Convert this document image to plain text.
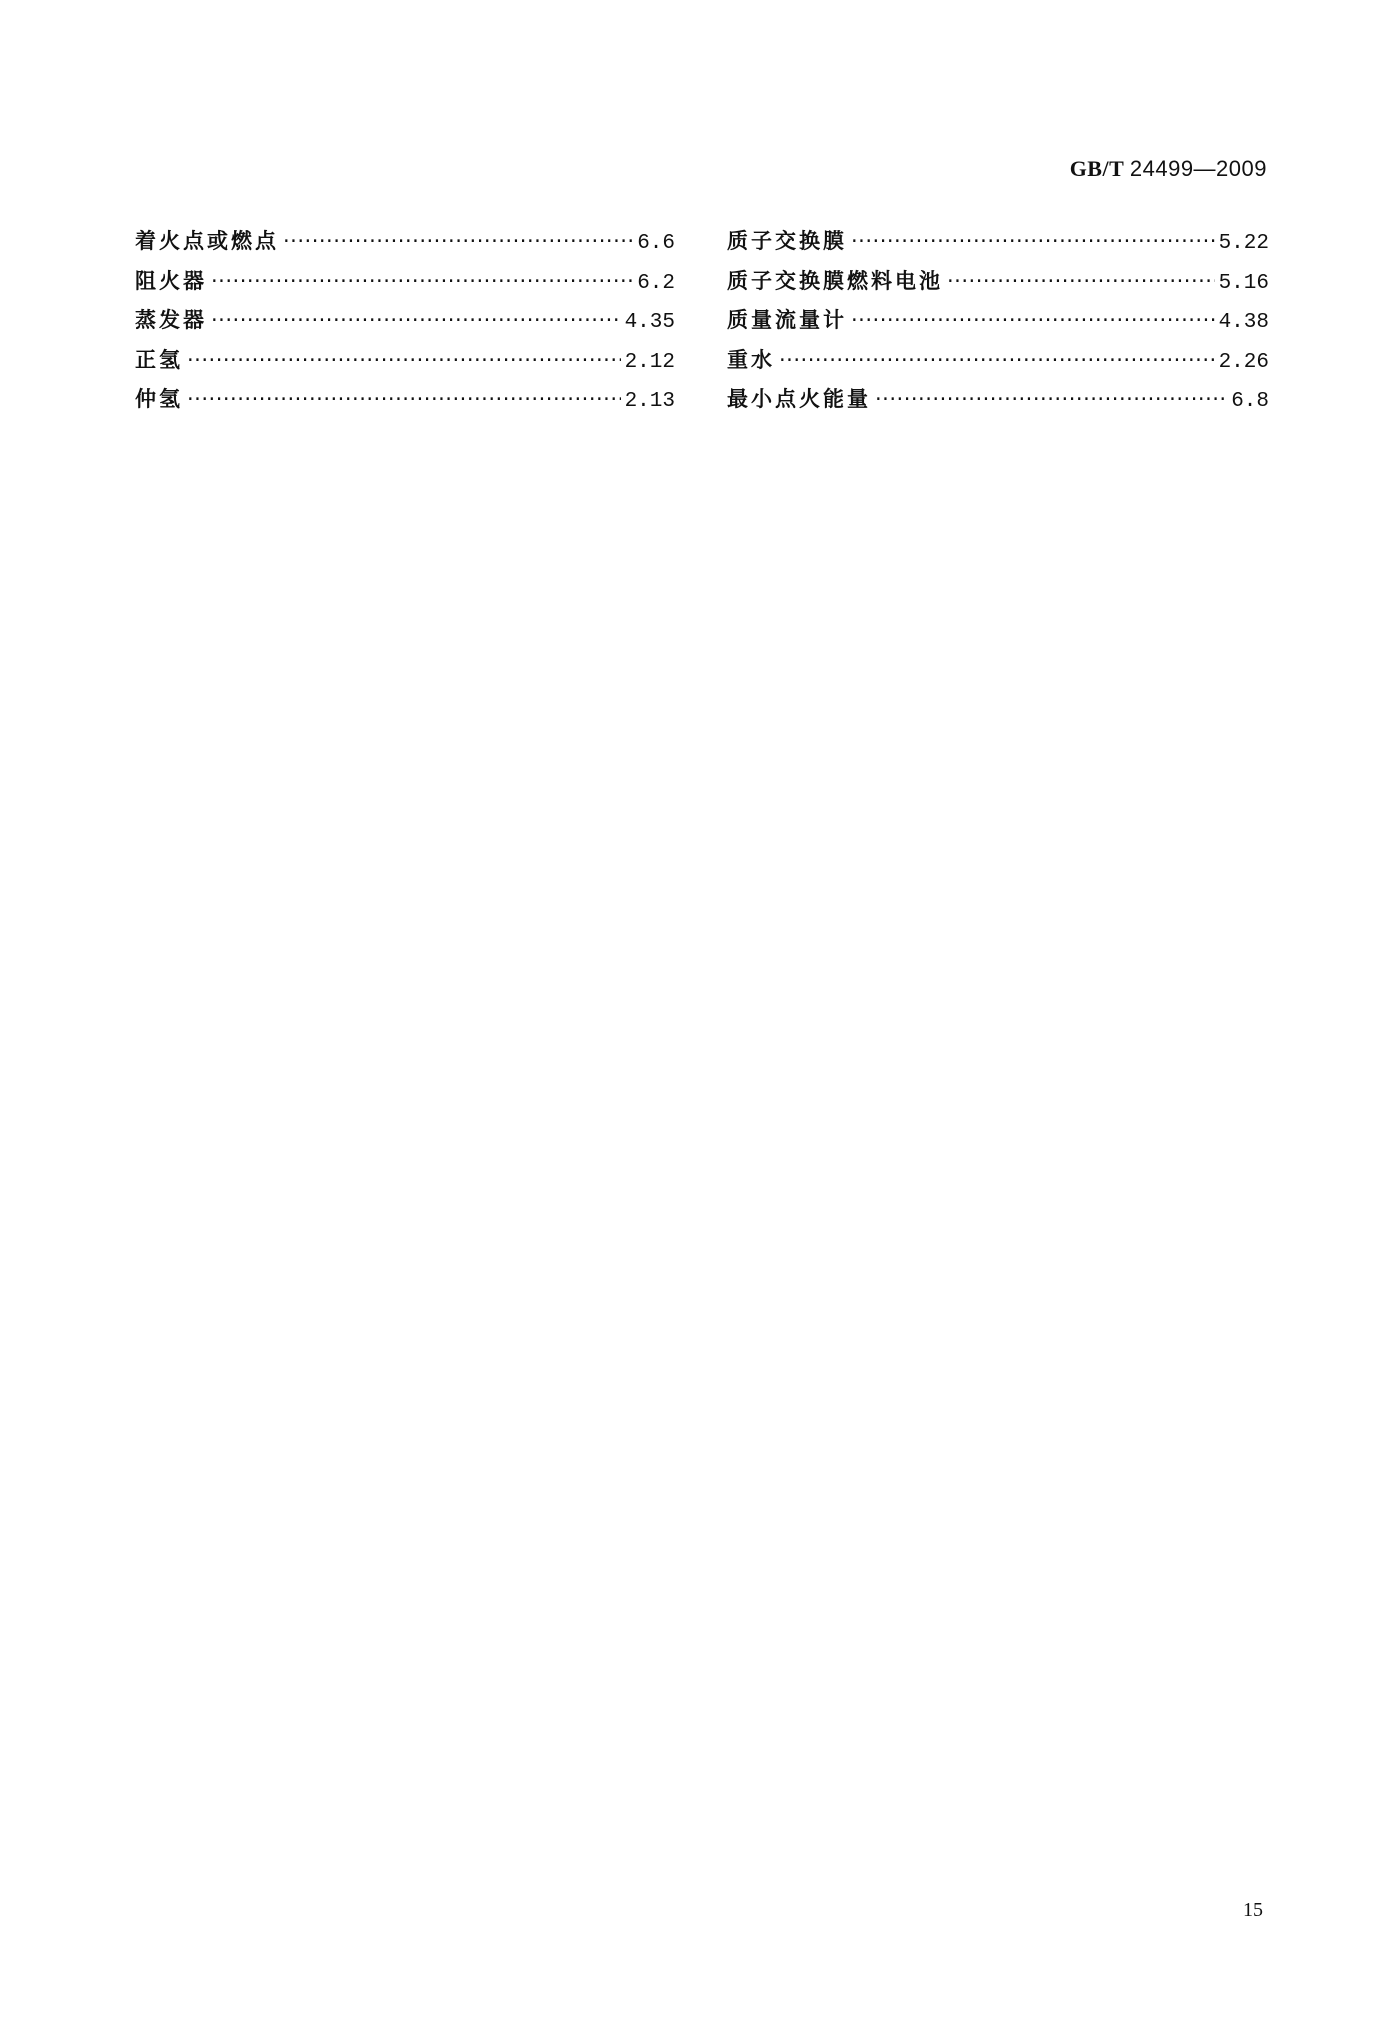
GB/T 24499—2009
着火点或燃点 ·····	6.6
阻火器 ·····	6.2
蒸发器 ·····	4.35
正氢 ·····	2.12
仲氢 ·····	2.13
质子交换膜 ·····	5.22
质子交换膜燃料电池 ·····	5.16
质量流量计 ·····	4.38
重水 ·····	2.26
最小点火能量 ·····	6.8
15
